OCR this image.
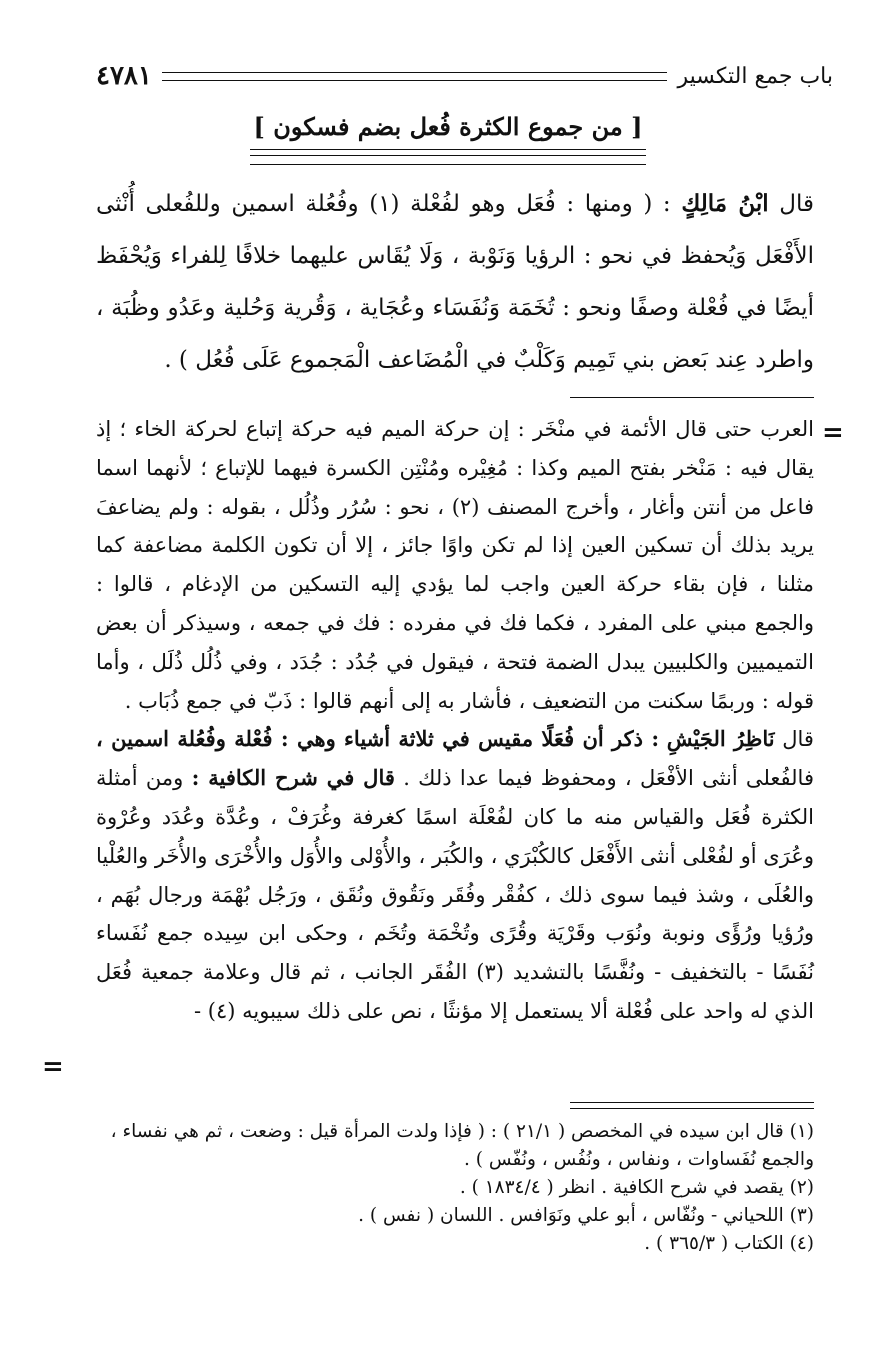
باب جمع التكسير
٤٧٨١
[ من جموع الكثرة فُعل بضم فسكون ]

قال ابْنُ مَالِكٍ : ( ومنها : فُعَل وهو لفُعْلة (١) وفُعُلة اسمين وللفُعلى أُنْثى الأَفْعَل وَيُحفظ في نحو : الرؤيا وَنَوْبة ، وَلَا يُقَاس عليهما خلافًا لِلفراء وَيُحْفَظ أيضًا في فُعْلة وصفًا ونحو : تُخَمَة وَنُفَسَاء وعُجَاية ، وَقُرية وَحُلية وعَدُو وظُبَة ، واطرد عِند بَعض بني تَمِيم وَكَلْبٌ في الْمُضَاعف الْمَجموع عَلَى فُعُل ) .

=

العرب حتى قال الأئمة في منْخَر : إن حركة الميم فيه حركة إتباع لحركة الخاء ؛ إذ يقال فيه : مَنْخر بفتح الميم وكذا : مُغِيْره ومُنْتِن الكسرة فيهما للإتباع ؛ لأنهما اسما فاعل من أنتن وأغار ، وأخرج المصنف (٢) ، نحو : سُرُر وذُلُل ، بقوله : ولم يضاعفَ يريد بذلك أن تسكين العين إذا لم تكن واوًا جائز ، إلا أن تكون الكلمة مضاعفة كما مثلنا ، فإن بقاء حركة العين واجب لما يؤدي إليه التسكين من الإدغام ، قالوا : والجمع مبني على المفرد ، فكما فك في مفرده : فك في جمعه ، وسيذكر أن بعض التميميين والكلبيين يبدل الضمة فتحة ، فيقول في جُدُد : جُدَد ، وفي ذُلُل ذُلَل ، وأما قوله : وربمًا سكنت من التضعيف ، فأشار به إلى أنهم قالوا : ذَبّ في جمع ذُبَاب .

قال نَاظِرُ الجَيْشِ : ذكر أن فُعَلًا مقيس في ثلاثة أشياء وهي : فُعْلة وفُعُلة اسمين ، فالفُعلى أنثى الأفْعَل ، ومحفوظ فيما عدا ذلك . قال في شرح الكافية : ومن أمثلة الكثرة فُعَل والقياس منه ما كان لفُعْلَة اسمًا كغرفة وغُرَفْ ، وعُدَّة وعُدَد وعُرْوة وعُرَى أو لفُعْلى أنثى الأَفْعَل كالكُبْرَي ، والكُبَر ، والأُوْلى والأُوَل والأُخْرَى والأُخَر والعُلْيا والعُلَى ، وشذ فيما سوى ذلك ، كفُقْر وفُقَر ونَقُوق ونُقَق ، ورَجُل بُهْمَة ورجال بُهَم ، ورُؤيا ورُؤًى ونوبة ونُوَب وقَرْيَة وقُرًى وتُخْمَة وتُخَم ، وحكى ابن سِيده جمع نُفَساء نُفَسًا - بالتخفيف - ونُفَّسًا بالتشديد (٣) الفُقَر الجانب ، ثم قال وعلامة جمعية فُعَل الذي له واحد على فُعْلة ألا يستعمل إلا مؤنثًا ، نص على ذلك سيبويه (٤) -

=

(١) قال ابن سيده في المخصص ( ٢١/١ ) : ( فإذا ولدت المرأة قيل : وضعت ، ثم هي نفساء ، والجمع نُفَساوات ، ونفاس ، ونُفُس ، ونُفّس ) .

(٢) يقصد في شرح الكافية . انظر ( ١٨٣٤/٤ ) .

(٣) اللحياني - ونُفّاس ، أبو علي ونَوَافس . اللسان ( نفس ) .

(٤) الكتاب ( ٣٦٥/٣ ) .
